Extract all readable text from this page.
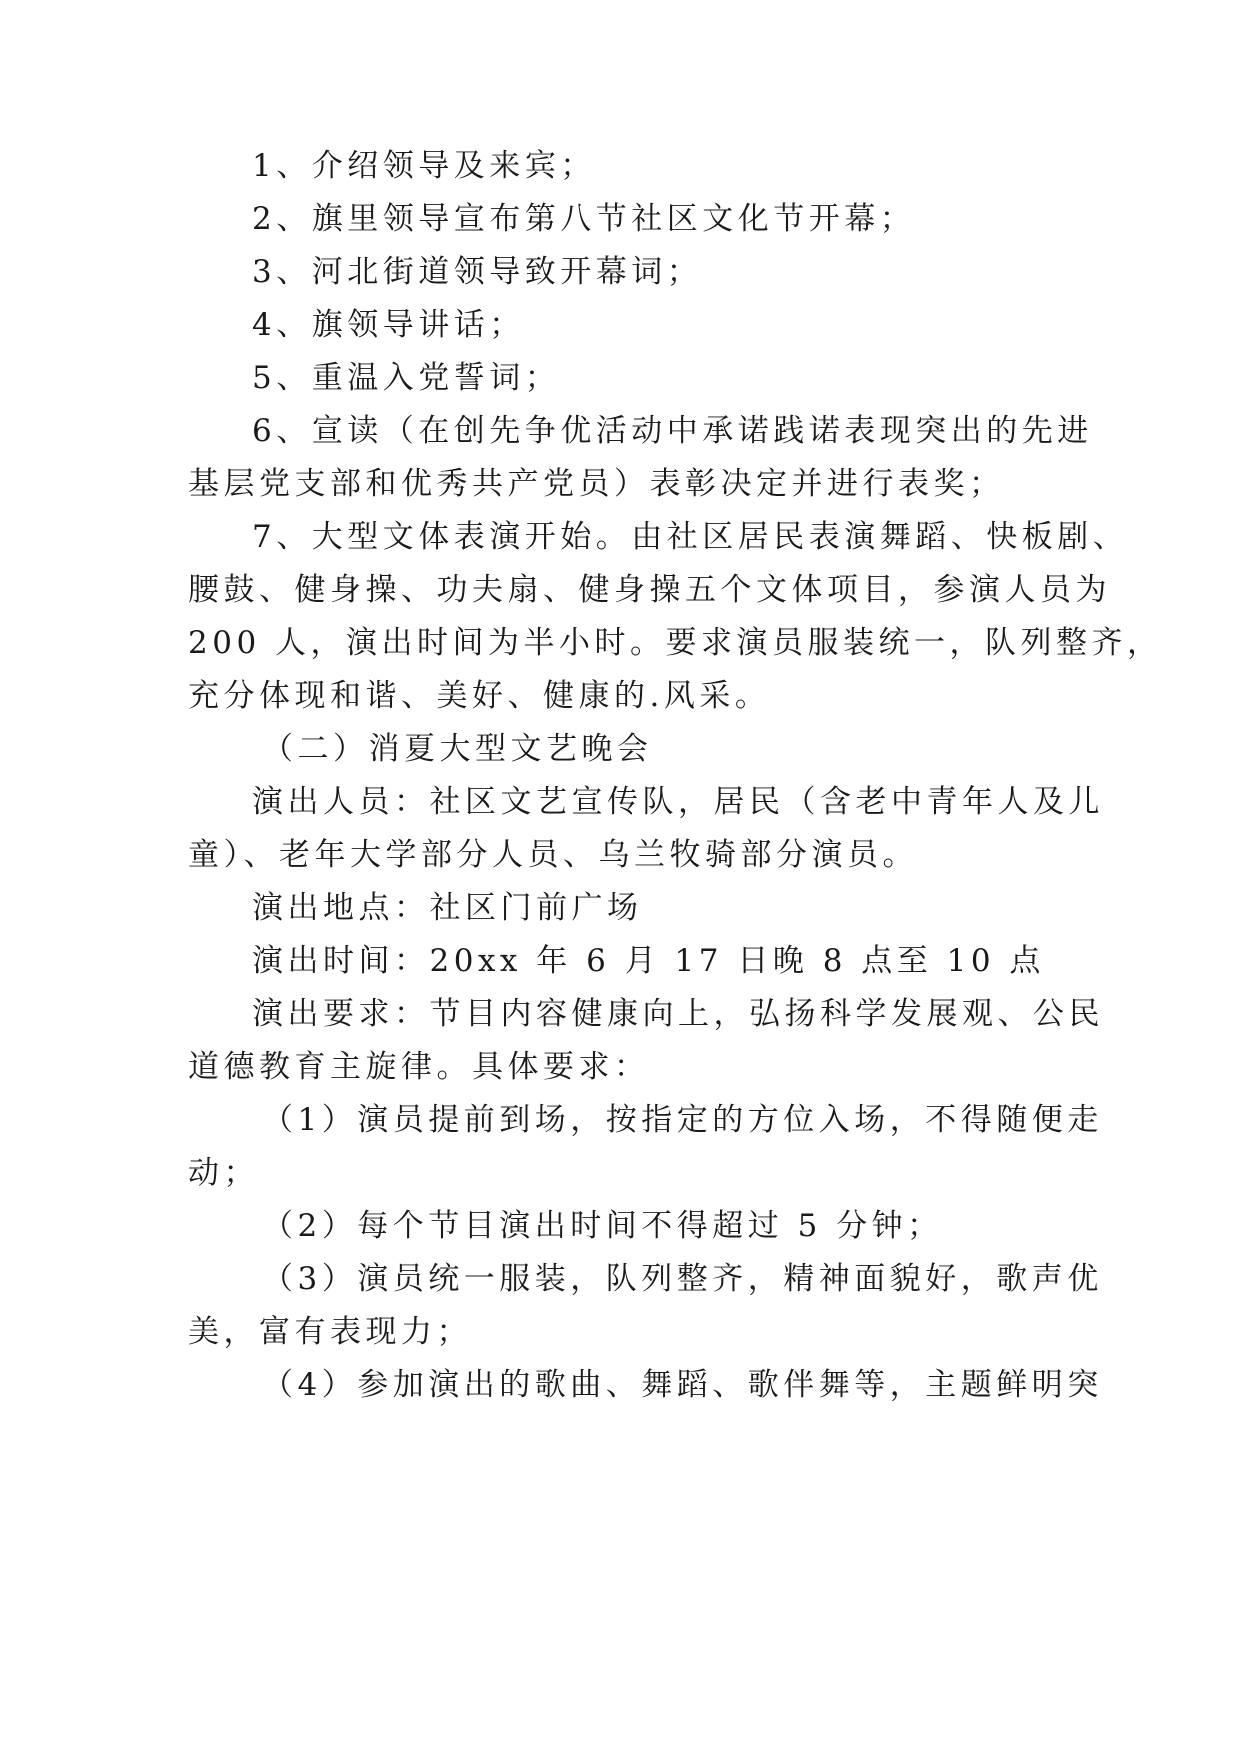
1、介绍领导及来宾；
2、旗里领导宣布第八节社区文化节开幕；
3、河北街道领导致开幕词；
4、旗领导讲话；
5、重温入党誓词；
6、宣读（在创先争优活动中承诺践诺表现突出的先进
基层党支部和优秀共产党员）表彰决定并进行表奖；
7、大型文体表演开始。由社区居民表演舞蹈、快板剧、
腰鼓、健身操、功夫扇、健身操五个文体项目，参演人员为
200 人，演出时间为半小时。要求演员服装统一，队列整齐，
充分体现和谐、美好、健康的.风采。
（二）消夏大型文艺晚会
演出人员：社区文艺宣传队，居民（含老中青年人及儿
童）、老年大学部分人员、乌兰牧骑部分演员。
演出地点：社区门前广场
演出时间：20xx 年 6 月 17 日晚 8 点至 10 点
演出要求：节目内容健康向上，弘扬科学发展观、公民
道德教育主旋律。具体要求：
（1）演员提前到场，按指定的方位入场，不得随便走
动；
（2）每个节目演出时间不得超过 5 分钟；
（3）演员统一服装，队列整齐，精神面貌好，歌声优
美，富有表现力；
（4）参加演出的歌曲、舞蹈、歌伴舞等，主题鲜明突
